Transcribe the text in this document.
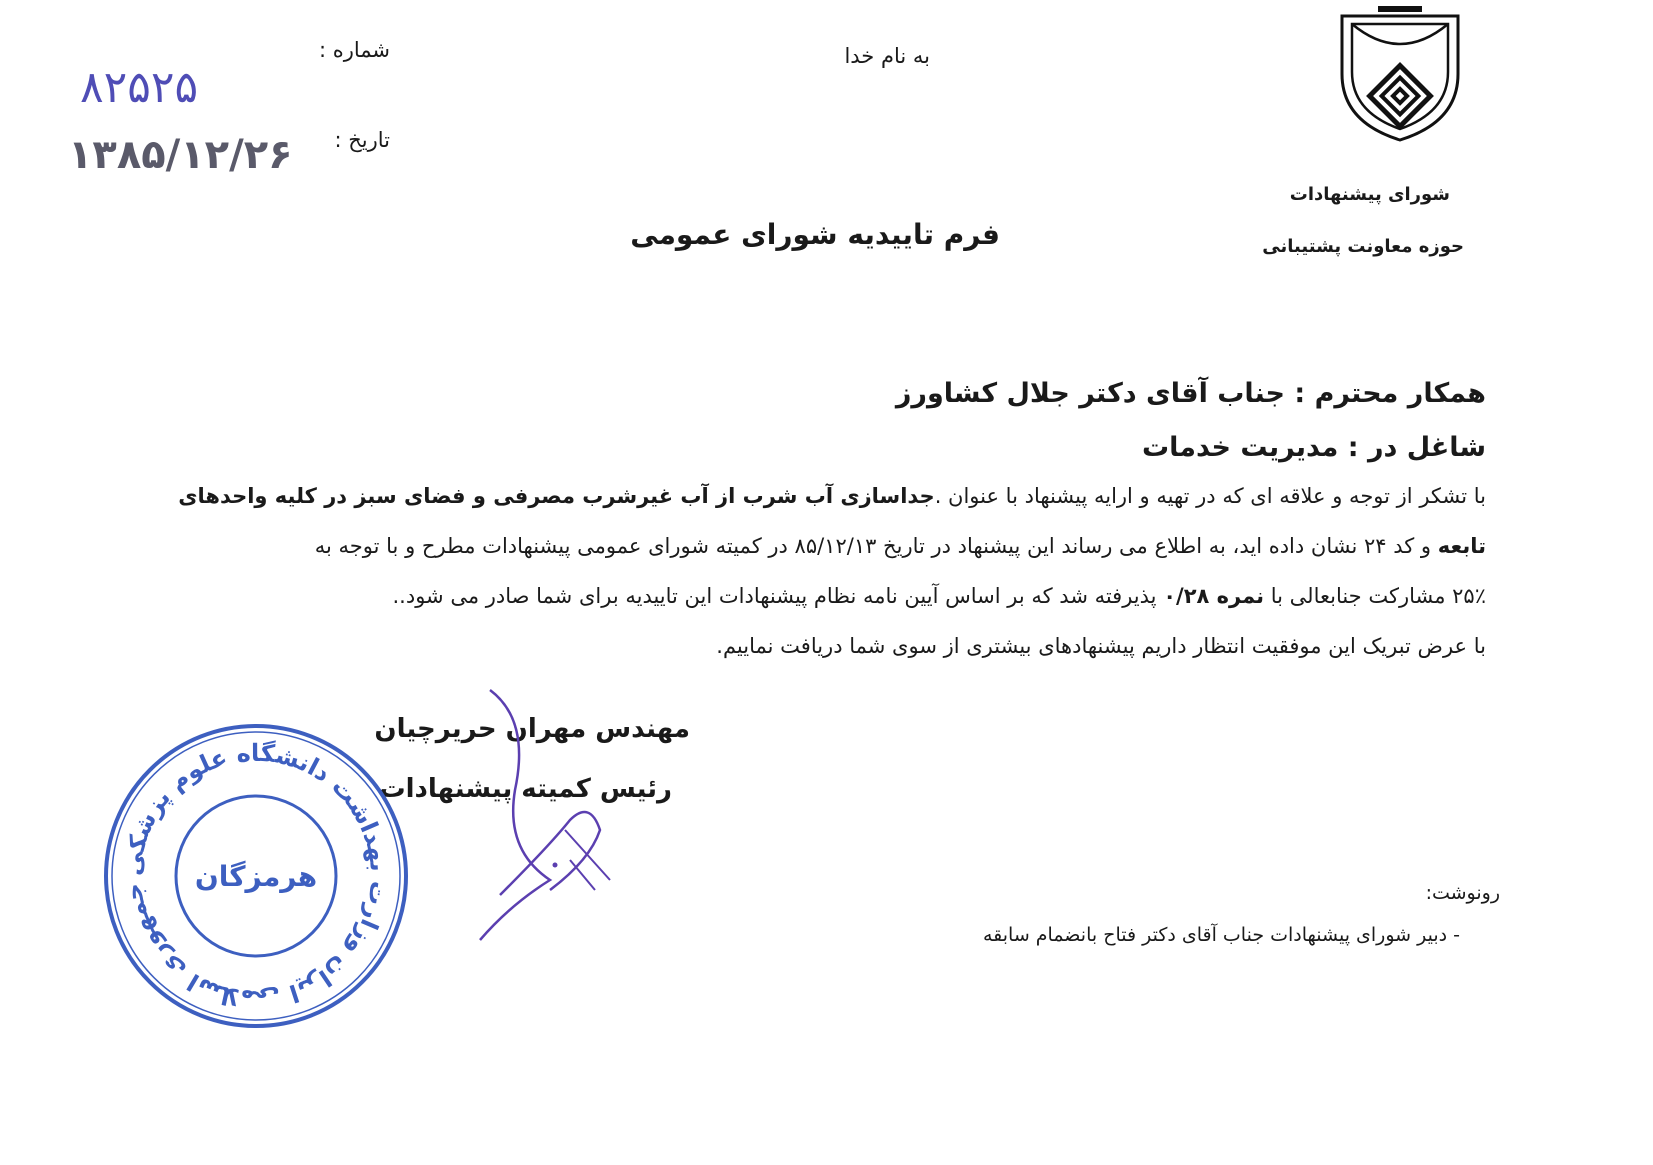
۸۲۵۲۵
۱۳۸۵/۱۲/۲۶
شماره :
تاریخ :
به نام خدا
شورای پیشنهادات
حوزه معاونت پشتیبانی
فرم تاییدیه شورای عمومی
همکار محترم : جناب آقای دکتر جلال کشاورز
شاغل در : مدیریت خدمات
با تشکر از توجه و علاقه ای که در تهیه و ارایه پیشنهاد با عنوان .جداسازی آب شرب از آب غیرشرب مصرفی و فضای سبز در کلیه واحدهای
تابعه و کد ۲۴ نشان داده اید، به اطلاع می رساند این پیشنهاد در تاریخ ۸۵/۱۲/۱۳ در کمیته شورای عمومی پیشنهادات مطرح و با توجه به
۲۵٪ مشارکت جنابعالی با نمره ۰/۲۸ پذیرفته شد که بر اساس آیین نامه نظام پیشنهادات این تاییدیه برای شما صادر می شود..
با عرض تبریک این موفقیت انتظار داریم پیشنهادهای بیشتری از سوی شما دریافت نماییم.
مهندس مهران حریرچیان
رئیس کمیته پیشنهادات
جمهوری اسلامی ایران وزارت بهداشت دانشگاه علوم پزشکی	هرمزگان	رونوشت:
- دبیر شورای پیشنهادات جناب آقای دکتر فتاح بانضمام سابقه
